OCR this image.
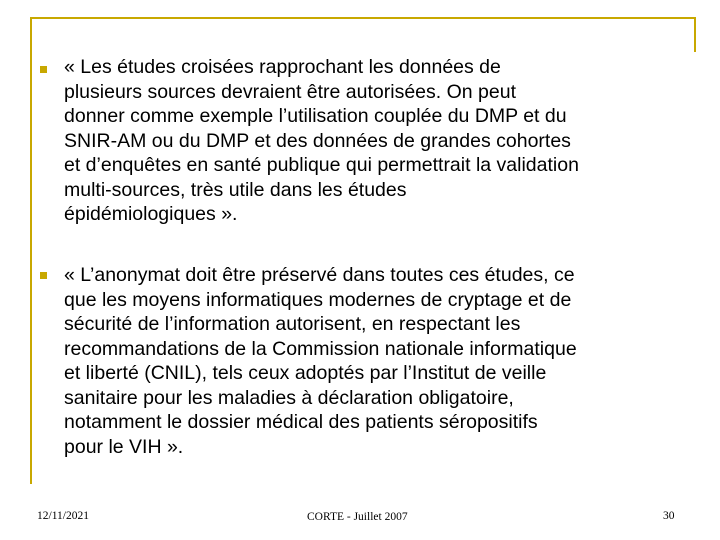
« Les études croisées rapprochant les données de
plusieurs sources devraient être autorisées. On peut
donner comme exemple l’utilisation couplée du DMP et du
SNIR-AM ou du DMP et des données de grandes cohortes
et d’enquêtes en santé publique qui permettrait la validation
multi-sources, très utile dans les études
épidémiologiques ».

« L’anonymat doit être préservé dans toutes ces études, ce
que les moyens informatiques modernes de cryptage et de
sécurité de l’information autorisent, en respectant les
recommandations de la Commission nationale informatique
et liberté (CNIL), tels ceux adoptés par l’Institut de veille
sanitaire pour les maladies à déclaration obligatoire,
notamment le dossier médical des patients séropositifs
pour le VIH ».

12/11/2021	CORTE - Juillet 2007	30
